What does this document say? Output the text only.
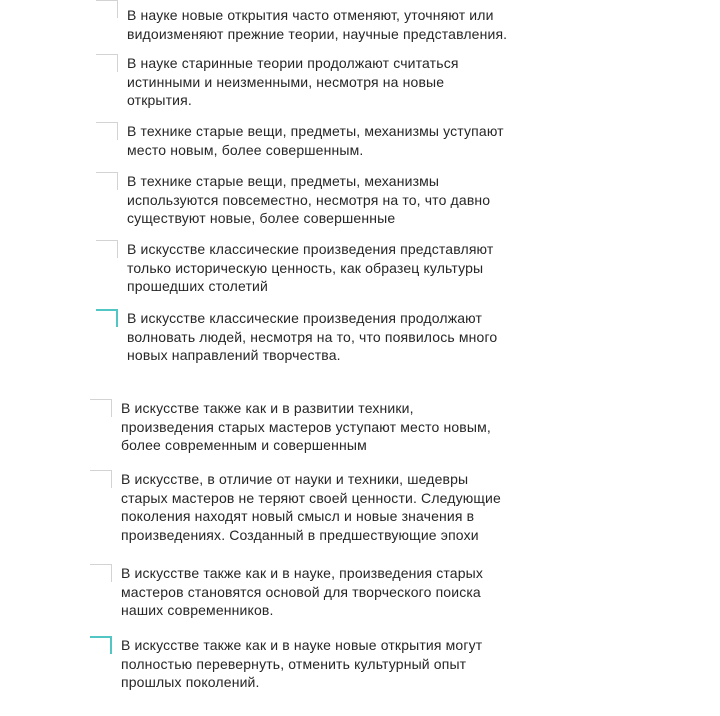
В науке новые открытия часто отменяют, уточняют или
видоизменяют прежние теории, научные представления.
В науке старинные теории продолжают считаться
истинными и неизменными, несмотря на новые
открытия.
В технике старые вещи, предметы, механизмы уступают
место новым, более совершенным.
В технике старые вещи, предметы, механизмы
используются повсеместно, несмотря на то, что давно
существуют новые, более совершенные
В искусстве классические произведения представляют
только историческую ценность, как образец культуры
прошедших столетий
В искусстве классические произведения продолжают
волновать людей, несмотря на то, что появилось много
новых направлений творчества.
В искусстве также как и в развитии техники,
произведения старых мастеров уступают место новым,
более современным и совершенным
В искусстве, в отличие от науки и техники, шедевры
старых мастеров не теряют своей ценности. Следующие
поколения находят новый смысл и новые значения в
произведениях. Созданный в предшествующие эпохи
В искусстве также как и в науке, произведения старых
мастеров становятся основой для творческого поиска
наших современников.
В искусстве также как и в науке новые открытия могут
полностью перевернуть, отменить культурный опыт
прошлых поколений.
